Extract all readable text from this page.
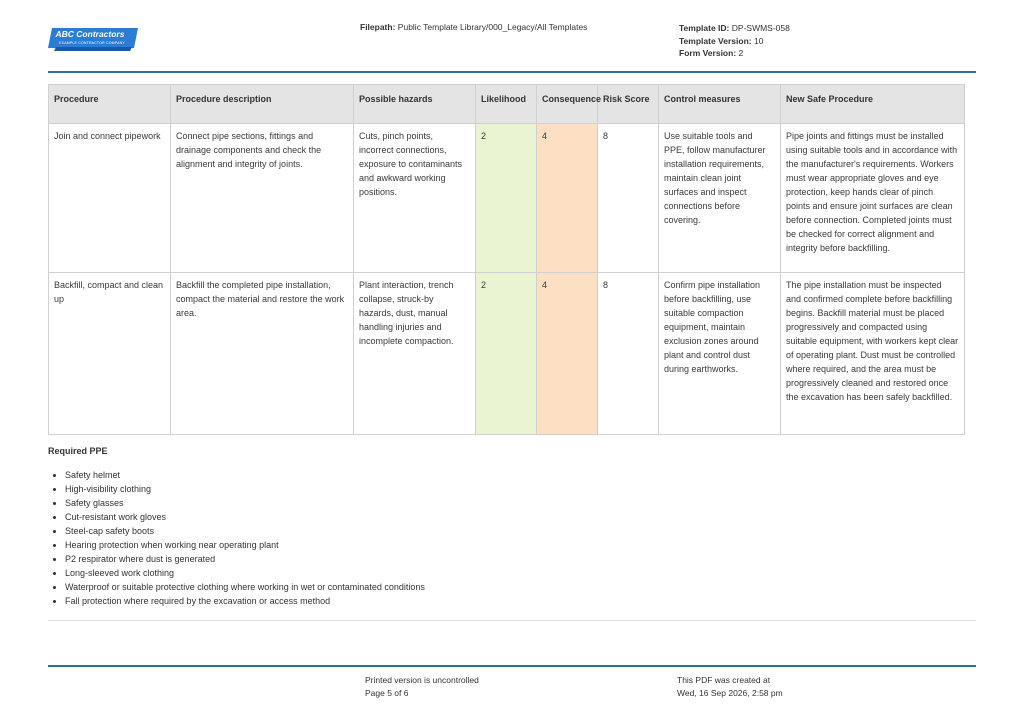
ABC Contractors
EXAMPLE CONTRACTOR COMPANY
Filepath: Public Template Library/000_Legacy/All Templates	Template ID: DP-SWMS-058
Template Version: 10
Form Version: 2
Procedure	Procedure description	Possible hazards	Likelihood	Consequence	Risk Score	Control measures	New Safe Procedure
Join and connect pipework	Connect pipe sections, fittings and drainage components and check the alignment and integrity of joints.	Cuts, pinch points, incorrect connections, exposure to contaminants and awkward working positions.	2	4	8	Use suitable tools and PPE, follow manufacturer installation requirements, maintain clean joint surfaces and inspect connections before covering.	Pipe joints and fittings must be installed using suitable tools and in accordance with the manufacturer's requirements. Workers must wear appropriate gloves and eye protection, keep hands clear of pinch points and ensure joint surfaces are clean before connection. Completed joints must be checked for correct alignment and integrity before backfilling.
Backfill, compact and clean up	Backfill the completed pipe installation, compact the material and restore the work area.	Plant interaction, trench collapse, struck-by hazards, dust, manual handling injuries and incomplete compaction.	2	4	8	Confirm pipe installation before backfilling, use suitable compaction equipment, maintain exclusion zones around plant and control dust during earthworks.	The pipe installation must be inspected and confirmed complete before backfilling begins. Backfill material must be placed progressively and compacted using suitable equipment, with workers kept clear of operating plant. Dust must be controlled where required, and the area must be progressively cleaned and restored once the excavation has been safely backfilled.
Required PPE
• Safety helmet
• High-visibility clothing
• Safety glasses
• Cut-resistant work gloves
• Steel-cap safety boots
• Hearing protection when working near operating plant
• P2 respirator where dust is generated
• Long-sleeved work clothing
• Waterproof or suitable protective clothing where working in wet or contaminated conditions
• Fall protection where required by the excavation or access method
Printed version is uncontrolled
Page 5 of 6
This PDF was created at
Wed, 16 Sep 2026, 2:58 pm
